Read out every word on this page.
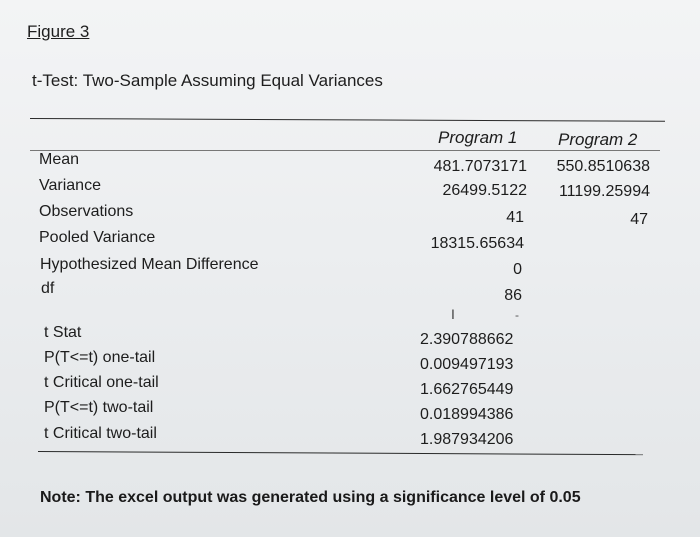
Figure 3
t-Test: Two-Sample Assuming Equal Variances
Program 1 Program 2
Mean	481.7073171 550.8510638
Variance	26499.5122 11199.25994
Observations	41	47
Pooled Variance	18315.65634
Hypothesized Mean Difference	0
df	86
I	-
t Stat	2.390788662
P(T<=t) one-tail	0.009497193
t Critical one-tail	1.662765449
P(T<=t) two-tail	0.018994386
t Critical two-tail	1.987934206
Note: The excel output was generated using a significance level of 0.05
